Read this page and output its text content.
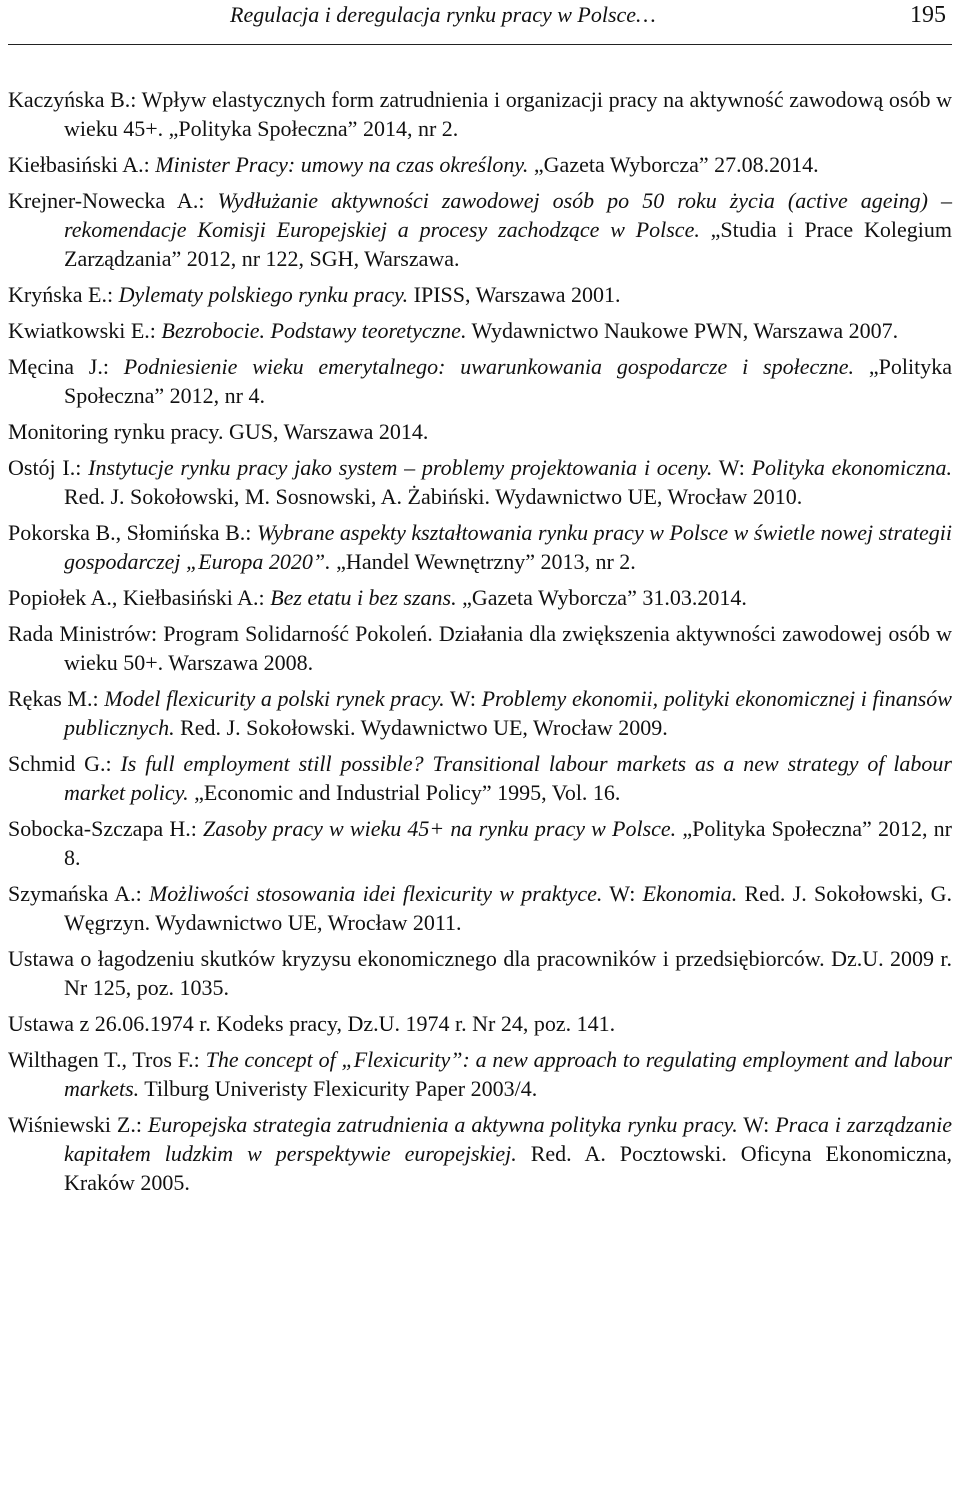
Regulacja i deregulacja rynku pracy w Polsce…	195
Kaczyńska B.: Wpływ elastycznych form zatrudnienia i organizacji pracy na aktywność zawodową osób w wieku 45+. „Polityka Społeczna” 2014, nr 2.
Kiełbasiński A.: Minister Pracy: umowy na czas określony. „Gazeta Wyborcza” 27.08.2014.
Krejner-Nowecka A.: Wydłużanie aktywności zawodowej osób po 50 roku życia (active ageing) – rekomendacje Komisji Europejskiej a procesy zachodzące w Polsce. „Studia i Prace Kolegium Zarządzania” 2012, nr 122, SGH, Warszawa.
Kryńska E.: Dylematy polskiego rynku pracy. IPISS, Warszawa 2001.
Kwiatkowski E.: Bezrobocie. Podstawy teoretyczne. Wydawnictwo Naukowe PWN, Warszawa 2007.
Męcina J.: Podniesienie wieku emerytalnego: uwarunkowania gospodarcze i społeczne. „Polityka Społeczna” 2012, nr 4.
Monitoring rynku pracy. GUS, Warszawa 2014.
Ostój I.: Instytucje rynku pracy jako system – problemy projektowania i oceny. W: Polityka ekonomiczna. Red. J. Sokołowski, M. Sosnowski, A. Żabiński. Wydawnictwo UE, Wrocław 2010.
Pokorska B., Słomińska B.: Wybrane aspekty kształtowania rynku pracy w Polsce w świetle nowej strategii gospodarczej „Europa 2020”. „Handel Wewnętrzny” 2013, nr 2.
Popiołek A., Kiełbasiński A.: Bez etatu i bez szans. „Gazeta Wyborcza” 31.03.2014.
Rada Ministrów: Program Solidarność Pokoleń. Działania dla zwiększenia aktywności zawodowej osób w wieku 50+. Warszawa 2008.
Rękas M.: Model flexicurity a polski rynek pracy. W: Problemy ekonomii, polityki ekonomicznej i finansów publicznych. Red. J. Sokołowski. Wydawnictwo UE, Wrocław 2009.
Schmid G.: Is full employment still possible? Transitional labour markets as a new strategy of labour market policy. „Economic and Industrial Policy” 1995, Vol. 16.
Sobocka-Szczapa H.: Zasoby pracy w wieku 45+ na rynku pracy w Polsce. „Polityka Społeczna” 2012, nr 8.
Szymańska A.: Możliwości stosowania idei flexicurity w praktyce. W: Ekonomia. Red. J. Sokołowski, G. Węgrzyn. Wydawnictwo UE, Wrocław 2011.
Ustawa o łagodzeniu skutków kryzysu ekonomicznego dla pracowników i przedsiębiorców. Dz.U. 2009 r. Nr 125, poz. 1035.
Ustawa z 26.06.1974 r. Kodeks pracy, Dz.U. 1974 r. Nr 24, poz. 141.
Wilthagen T., Tros F.: The concept of „Flexicurity”: a new approach to regulating employment and labour markets. Tilburg Univeristy Flexicurity Paper 2003/4.
Wiśniewski Z.: Europejska strategia zatrudnienia a aktywna polityka rynku pracy. W: Praca i zarządzanie kapitałem ludzkim w perspektywie europejskiej. Red. A. Pocztowski. Oficyna Ekonomiczna, Kraków 2005.
